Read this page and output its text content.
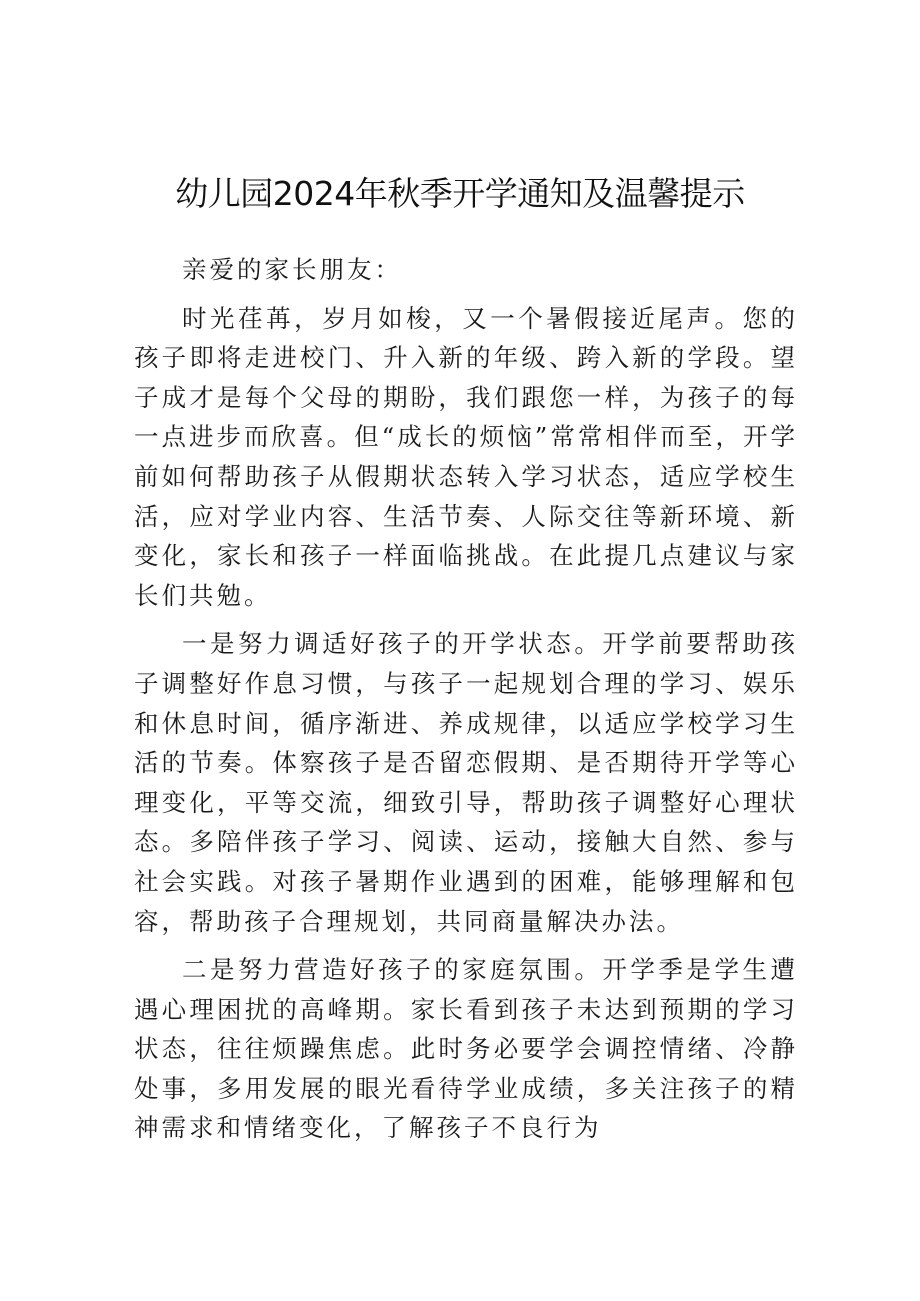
幼儿园2024年秋季开学通知及温馨提示

亲爱的家长朋友：

时光荏苒，岁月如梭，又一个暑假接近尾声。您的孩子即将走进校门、升入新的年级、跨入新的学段。望子成才是每个父母的期盼，我们跟您一样，为孩子的每一点进步而欣喜。但“成长的烦恼”常常相伴而至，开学前如何帮助孩子从假期状态转入学习状态，适应学校生活，应对学业内容、生活节奏、人际交往等新环境、新变化，家长和孩子一样面临挑战。在此提几点建议与家长们共勉。

一是努力调适好孩子的开学状态。开学前要帮助孩子调整好作息习惯，与孩子一起规划合理的学习、娱乐和休息时间，循序渐进、养成规律，以适应学校学习生活的节奏。体察孩子是否留恋假期、是否期待开学等心理变化，平等交流，细致引导，帮助孩子调整好心理状态。多陪伴孩子学习、阅读、运动，接触大自然、参与社会实践。对孩子暑期作业遇到的困难，能够理解和包容，帮助孩子合理规划，共同商量解决办法。

二是努力营造好孩子的家庭氛围。开学季是学生遭遇心理困扰的高峰期。家长看到孩子未达到预期的学习状态，往往烦躁焦虑。此时务必要学会调控情绪、冷静处事，多用发展的眼光看待学业成绩，多关注孩子的精神需求和情绪变化，了解孩子不良行为
